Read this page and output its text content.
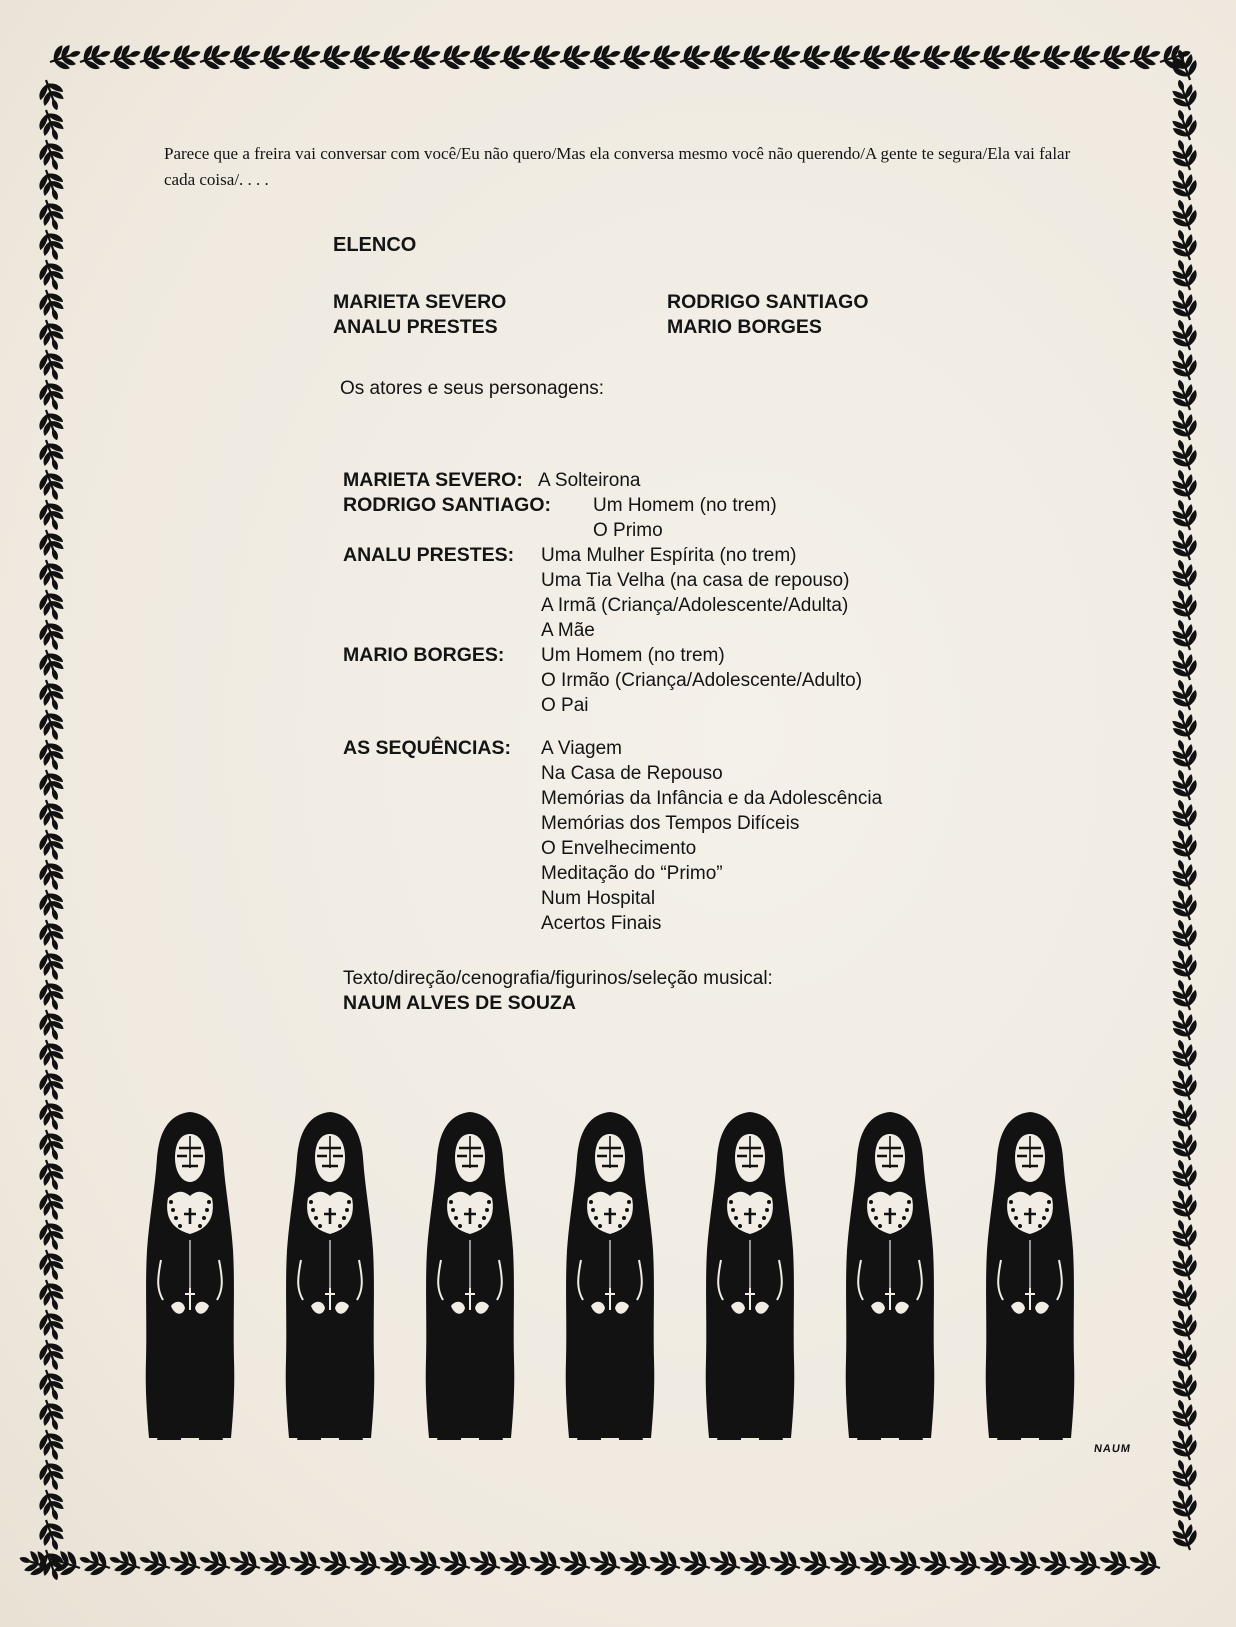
Parece que a freira vai conversar com você/Eu não quero/Mas ela conversa mesmo você não querendo/A gente te segura/Ela vai falar cada coisa/. . . .

ELENCO
MARIETA SEVERO
ANALU PRESTES
RODRIGO SANTIAGO
MARIO BORGES
Os atores e seus personagens:
MARIETA SEVERO: A Solteirona
RODRIGO SANTIAGO: Um Homem (no trem)
O Primo
ANALU PRESTES: Uma Mulher Espírita (no trem)
Uma Tia Velha (na casa de repouso)
A Irmã (Criança/Adolescente/Adulta)
A Mãe
MARIO BORGES: Um Homem (no trem)
O Irmão (Criança/Adolescente/Adulto)
O Pai
AS SEQUÊNCIAS: A Viagem
Na Casa de Repouso
Memórias da Infância e da Adolescência
Memórias dos Tempos Difíceis
O Envelhecimento
Meditação do “Primo”
Num Hospital
Acertos Finais
Texto/direção/cenografia/figurinos/seleção musical:
NAUM ALVES DE SOUZA
NAUM
